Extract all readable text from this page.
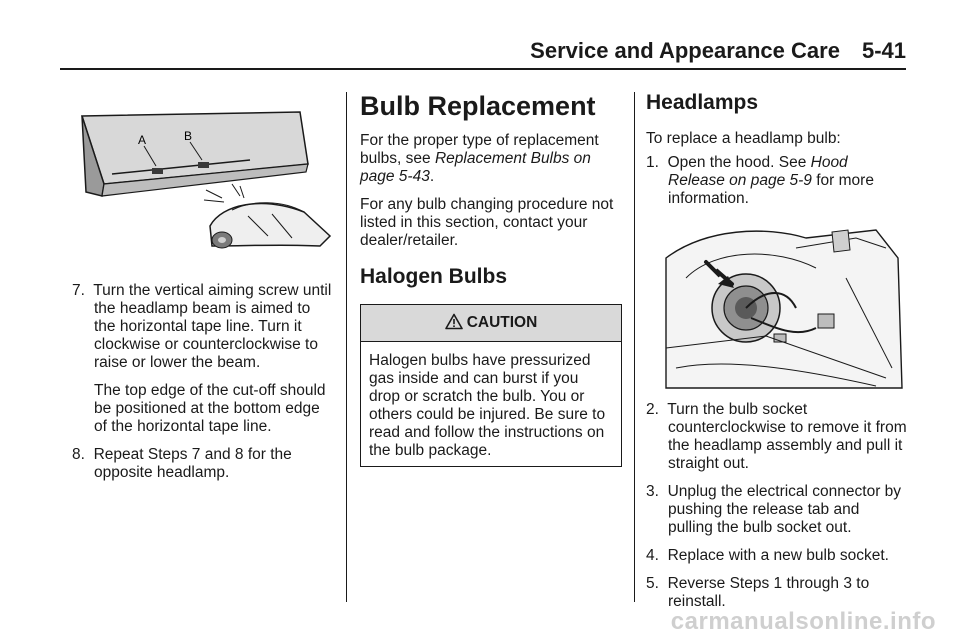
Service and Appearance Care 5-41
A	B
7. Turn the vertical aiming screw until the headlamp beam is aimed to the horizontal tape line. Turn it clockwise or counterclockwise to raise or lower the beam.

The top edge of the cut-off should be positioned at the bottom edge of the horizontal tape line.

8. Repeat Steps 7 and 8 for the opposite headlamp.
Bulb Replacement

For the proper type of replacement bulbs, see Replacement Bulbs on page 5‑43.

For any bulb changing procedure not listed in this section, contact your dealer/retailer.

Halogen Bulbs
CAUTION
Halogen bulbs have pressurized gas inside and can burst if you drop or scratch the bulb. You or others could be injured. Be sure to read and follow the instructions on the bulb package.
Headlamps

To replace a headlamp bulb:

1. Open the hood. See Hood Release on page 5‑9 for more information.
2. Turn the bulb socket counterclockwise to remove it from the headlamp assembly and pull it straight out.
3. Unplug the electrical connector by pushing the release tab and pulling the bulb socket out.
4. Replace with a new bulb socket.
5. Reverse Steps 1 through 3 to reinstall.
carmanualsonline.info
